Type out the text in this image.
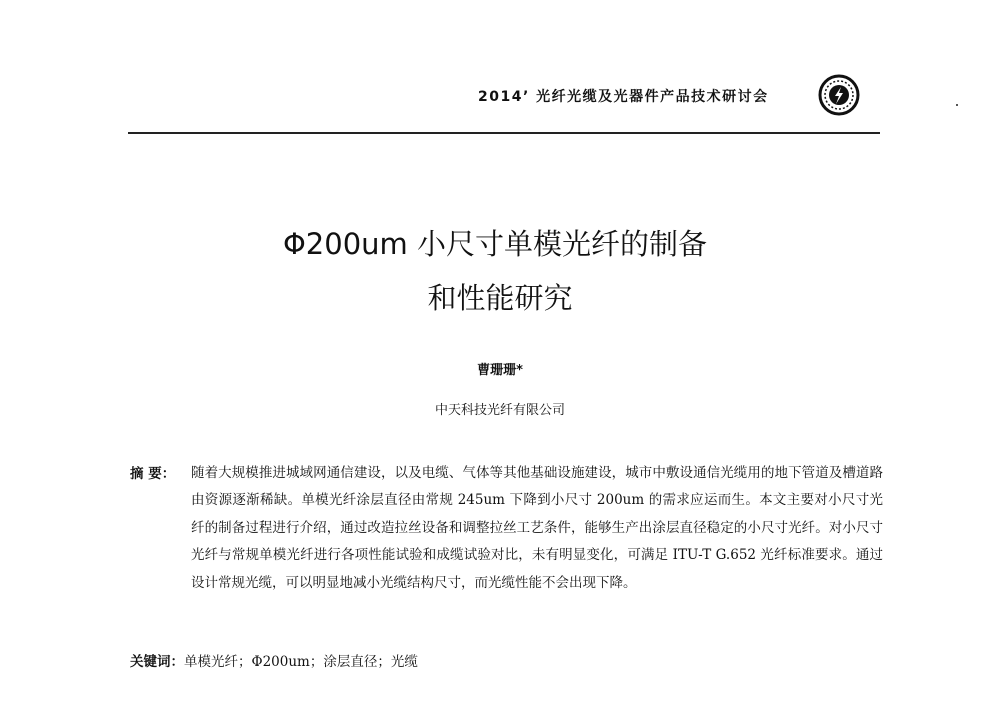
2014’ 光纤光缆及光器件产品技术研讨会
Φ200um 小尺寸单模光纤的制备
和性能研究
曹珊珊*
中天科技光纤有限公司
摘 要： 随着大规模推进城域网通信建设，以及电缆、气体等其他基础设施建设，城市中敷设通信光缆用的地下管道及槽道路由资源逐渐稀缺。单模光纤涂层直径由常规 245um 下降到小尺寸 200um 的需求应运而生。本文主要对小尺寸光纤的制备过程进行介绍，通过改造拉丝设备和调整拉丝工艺条件，能够生产出涂层直径稳定的小尺寸光纤。对小尺寸光纤与常规单模光纤进行各项性能试验和成缆试验对比，未有明显变化，可满足 ITU-T G.652 光纤标准要求。通过设计常规光缆，可以明显地减小光缆结构尺寸，而光缆性能不会出现下降。
关键词：单模光纤；Φ200um；涂层直径；光缆
